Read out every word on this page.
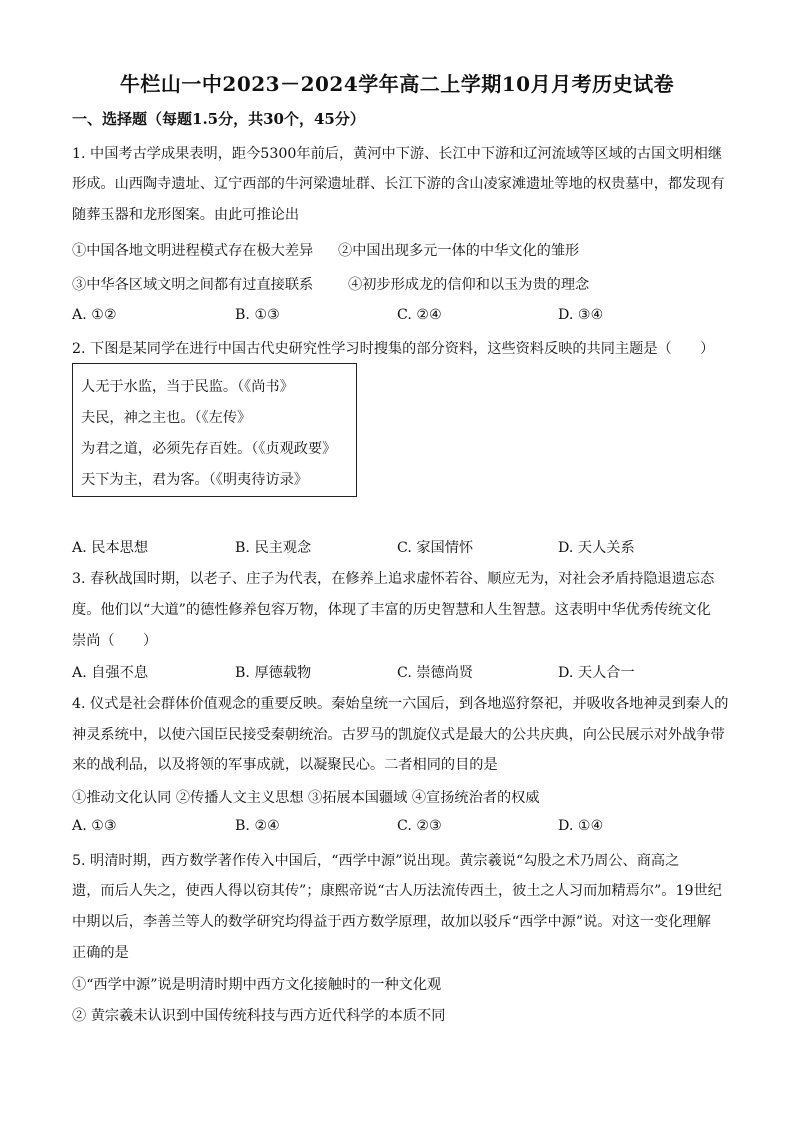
牛栏山一中2023－2024学年高二上学期10月月考历史试卷
一、选择题（每题1.5分，共30个，45分）
1. 中国考古学成果表明，距今5300年前后，黄河中下游、长江中下游和辽河流域等区域的古国文明相继
形成。山西陶寺遗址、辽宁西部的牛河梁遗址群、长江下游的含山凌家滩遗址等地的权贵墓中，都发现有
随葬玉器和龙形图案。由此可推论出
①中国各地文明进程模式存在极大差异 ②中国出现多元一体的中华文化的雏形
③中华各区域文明之间都有过直接联系 ④初步形成龙的信仰和以玉为贵的理念
A. ①②	B. ①③	C. ②④	D. ③④
2. 下图是某同学在进行中国古代史研究性学习时搜集的部分资料，这些资料反映的共同主题是（　　）
人无于水监，当于民监。（《尚书》
夫民，神之主也。（《左传》
为君之道，必须先存百姓。（《贞观政要》
天下为主，君为客。（《明夷待访录》
A. 民本思想	B. 民主观念	C. 家国情怀	D. 天人关系
3. 春秋战国时期，以老子、庄子为代表，在修养上追求虚怀若谷、顺应无为，对社会矛盾持隐退遗忘态
度。他们以“大道”的德性修养包容万物，体现了丰富的历史智慧和人生智慧。这表明中华优秀传统文化
崇尚（　　）
A. 自强不息	B. 厚德载物	C. 崇德尚贤	D. 天人合一
4. 仪式是社会群体价值观念的重要反映。秦始皇统一六国后，到各地巡狩祭祀，并吸收各地神灵到秦人的
神灵系统中，以使六国臣民接受秦朝统治。古罗马的凯旋仪式是最大的公共庆典，向公民展示对外战争带
来的战利品，以及将领的军事成就，以凝聚民心。二者相同的目的是
①推动文化认同 ②传播人文主义思想 ③拓展本国疆域 ④宣扬统治者的权威
A. ①③	B. ②④	C. ②③	D. ①④
5. 明清时期，西方数学著作传入中国后，“西学中源”说出现。黄宗羲说“勾股之术乃周公、商高之
遗，而后人失之，使西人得以窃其传”；康熙帝说“古人历法流传西土，彼土之人习而加精焉尔”。19世纪
中期以后，李善兰等人的数学研究均得益于西方数学原理，故加以驳斥“西学中源”说。对这一变化理解
正确的是
①“西学中源”说是明清时期中西方文化接触时的一种文化观
② 黄宗羲未认识到中国传统科技与西方近代科学的本质不同
